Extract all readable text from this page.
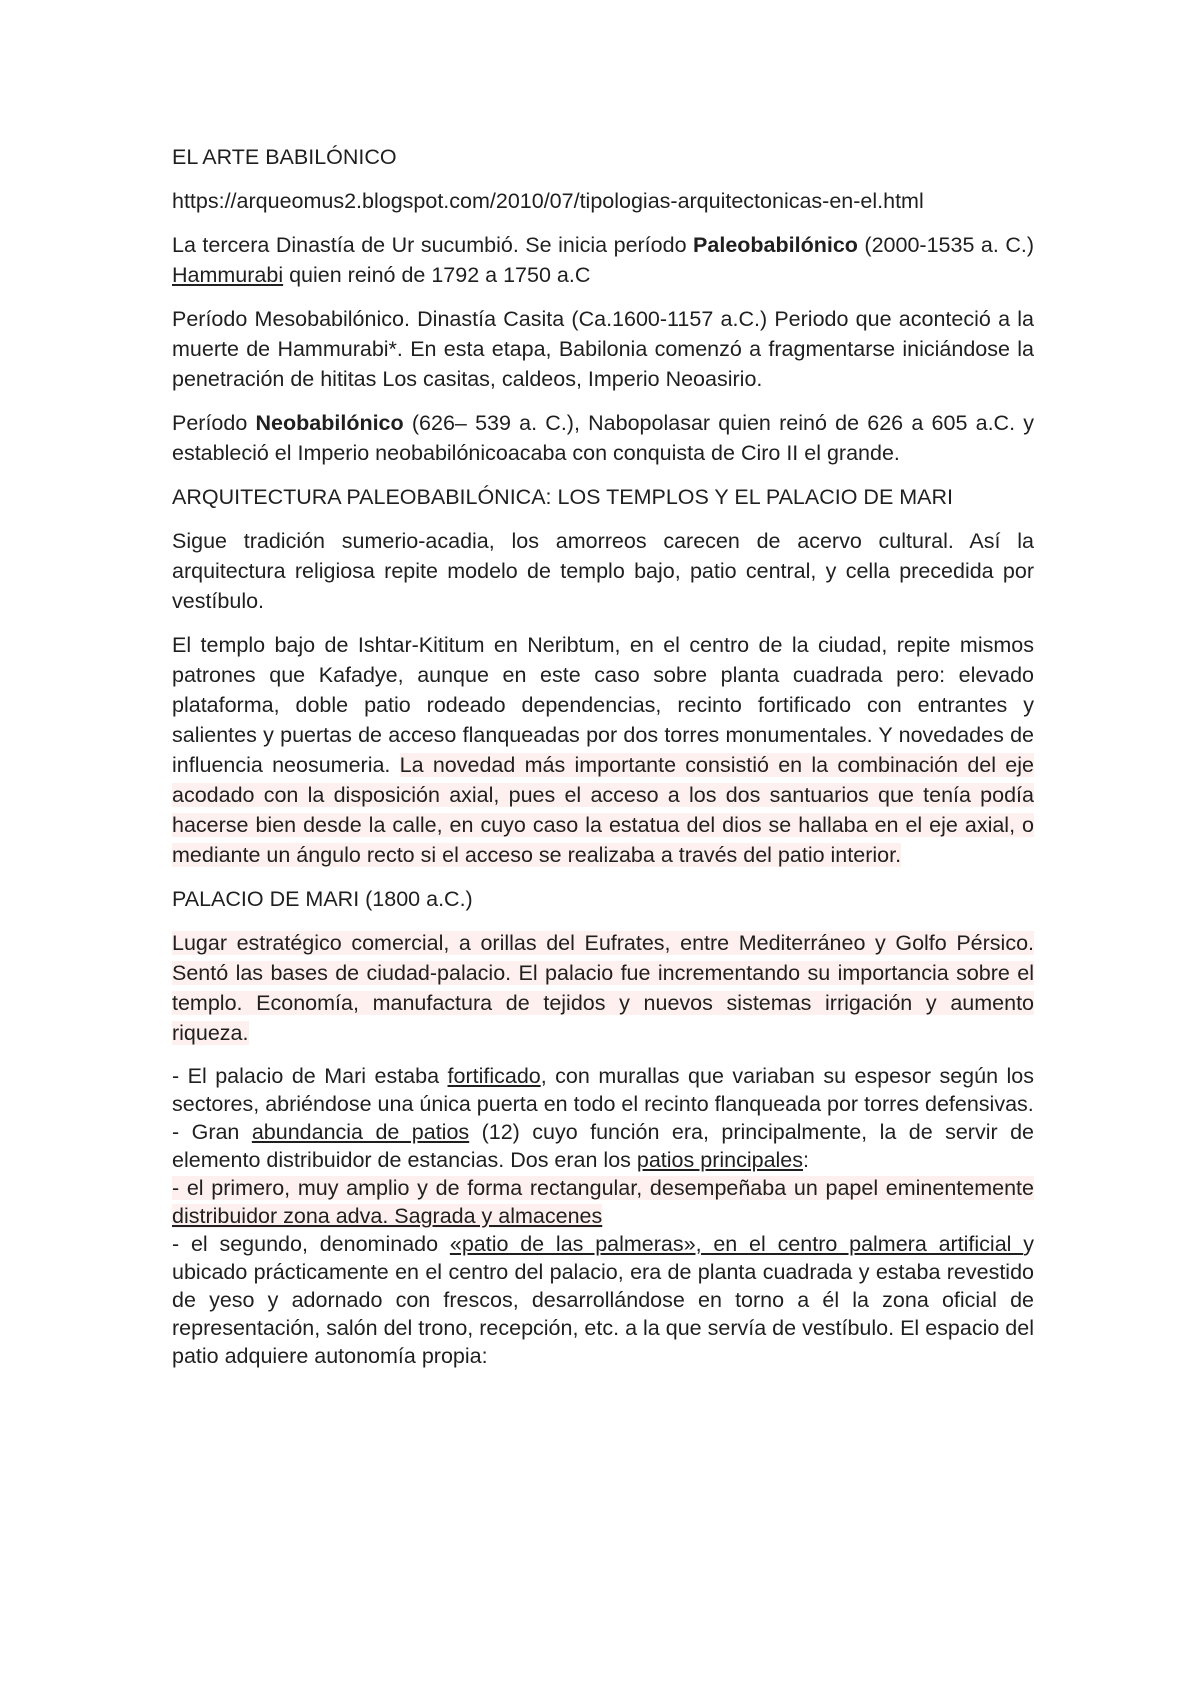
EL ARTE BABILÓNICO

https://arqueomus2.blogspot.com/2010/07/tipologias-arquitectonicas-en-el.html

La tercera Dinastía de Ur sucumbió. Se inicia período Paleobabilónico (2000-1535 a. C.) Hammurabi quien reinó de 1792 a 1750 a.C

Período Mesobabilónico. Dinastía Casita (Ca.1600-1157 a.C.) Periodo que aconteció a la muerte de Hammurabi*. En esta etapa, Babilonia comenzó a fragmentarse iniciándose la penetración de hititas Los casitas, caldeos, Imperio Neoasirio.

Período Neobabilónico (626– 539 a. C.), Nabopolasar quien reinó de 626 a 605 a.C. y estableció el Imperio neobabilónicoacaba con conquista de Ciro II el grande.

ARQUITECTURA PALEOBABILÓNICA: LOS TEMPLOS Y EL PALACIO DE MARI

Sigue tradición sumerio-acadia, los amorreos carecen de acervo cultural. Así la arquitectura religiosa repite modelo de templo bajo, patio central, y cella precedida por vestíbulo.

El templo bajo de Ishtar-Kititum en Neribtum, en el centro de la ciudad, repite mismos patrones que Kafadye, aunque en este caso sobre planta cuadrada pero: elevado plataforma, doble patio rodeado dependencias, recinto fortificado con entrantes y salientes y puertas de acceso flanqueadas por dos torres monumentales. Y novedades de influencia neosumeria. La novedad más importante consistió en la combinación del eje acodado con la disposición axial, pues el acceso a los dos santuarios que tenía podía hacerse bien desde la calle, en cuyo caso la estatua del dios se hallaba en el eje axial, o mediante un ángulo recto si el acceso se realizaba a través del patio interior.

PALACIO DE MARI (1800 a.C.)

Lugar estratégico comercial, a orillas del Eufrates, entre Mediterráneo y Golfo Pérsico. Sentó las bases de ciudad-palacio. El palacio fue incrementando su importancia sobre el templo. Economía, manufactura de tejidos y nuevos sistemas irrigación y aumento riqueza.

- El palacio de Mari estaba fortificado, con murallas que variaban su espesor según los sectores, abriéndose una única puerta en todo el recinto flanqueada por torres defensivas.

- Gran abundancia de patios (12) cuyo función era, principalmente, la de servir de elemento distribuidor de estancias. Dos eran los patios principales:

- el primero, muy amplio y de forma rectangular, desempeñaba un papel eminentemente distribuidor zona adva. Sagrada y almacenes

- el segundo, denominado «patio de las palmeras», en el centro palmera artificial y ubicado prácticamente en el centro del palacio, era de planta cuadrada y estaba revestido de yeso y adornado con frescos, desarrollándose en torno a él la zona oficial de representación, salón del trono, recepción, etc. a la que servía de vestíbulo. El espacio del patio adquiere autonomía propia:
